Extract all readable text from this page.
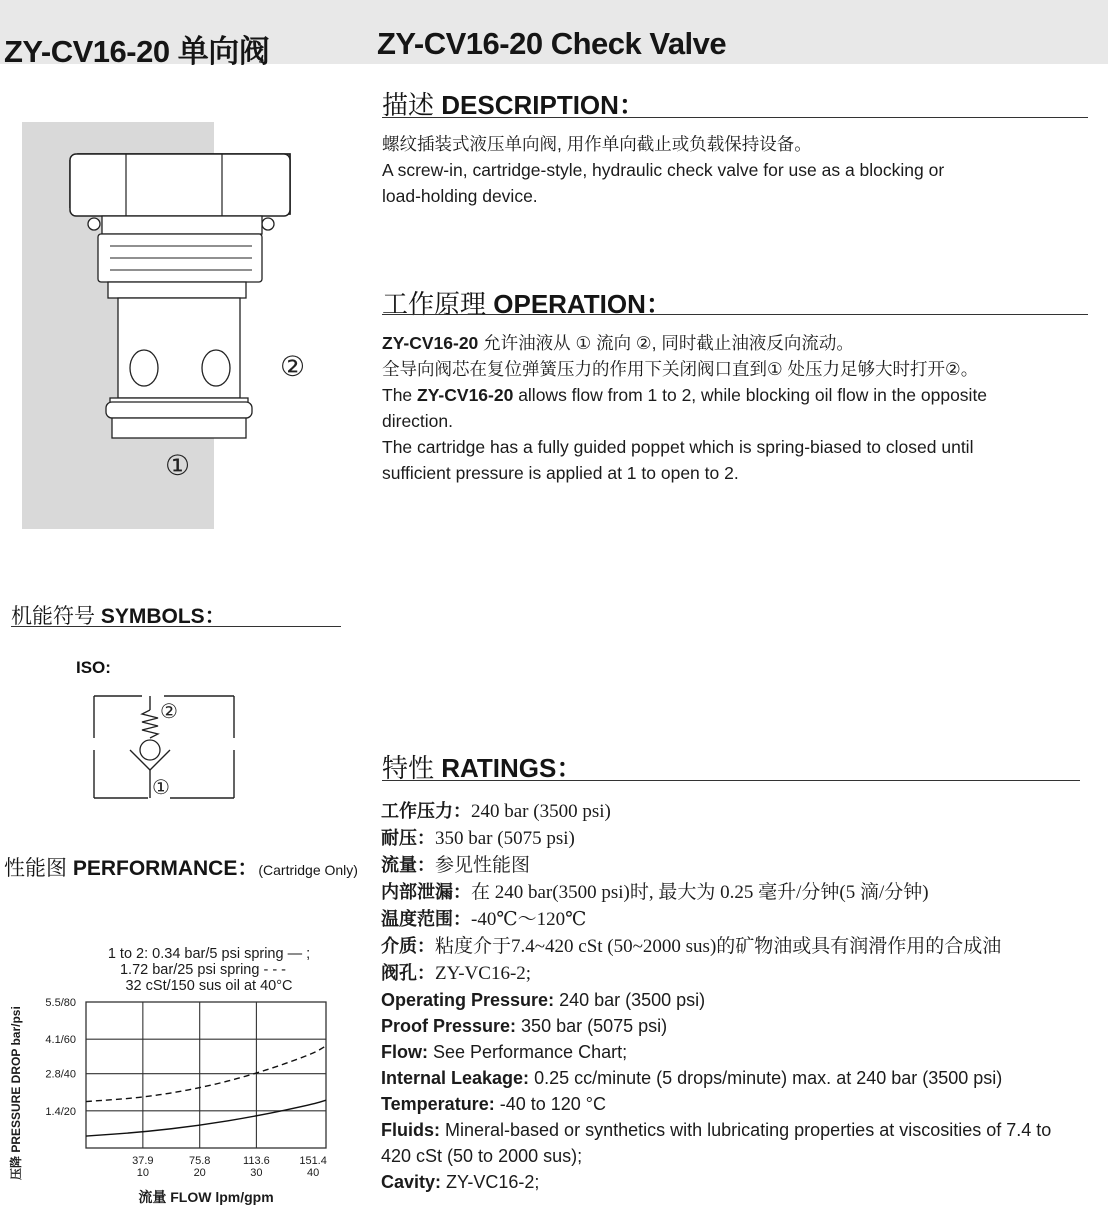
ZY-CV16-20 单向阀	ZY-CV16-20 Check Valve
描述 DESCRIPTION：
螺纹插装式液压单向阀, 用作单向截止或负载保持设备。
A screw-in, cartridge-style, hydraulic check valve for use as a blocking or
load-holding device.
工作原理 OPERATION：
ZY-CV16-20 允许油液从 ① 流向 ②, 同时截止油液反向流动。
全导向阀芯在复位弹簧压力的作用下关闭阀口直到① 处压力足够大时打开②。
The ZY-CV16-20 allows flow from 1 to 2, while blocking oil flow in the opposite
direction.
The cartridge has a fully guided poppet which is spring-biased to closed until
sufficient pressure is applied at 1 to open to 2.
②
①
机能符号 SYMBOLS：
ISO:
②
①
性能图 PERFORMANCE：(Cartridge Only)
1 to 2: 0.34 bar/5 psi spring — ;
1.72 bar/25 psi spring - - -
32 cSt/150 sus oil at 40°C
5.5/80
4.1/60
2.8/40
1.4/20
37.9	75.8	113.6	151.4
10	20	30	40
压降 PRESSURE DROP bar/psi
流量 FLOW lpm/gpm
特性 RATINGS：
工作压力：240 bar (3500 psi)
耐压：350 bar (5075 psi)
流量：参见性能图
内部泄漏：在 240 bar(3500 psi)时, 最大为 0.25 毫升/分钟(5 滴/分钟)
温度范围：-40℃～120℃
介质：粘度介于7.4~420 cSt (50~2000 sus)的矿物油或具有润滑作用的合成油
阀孔：ZY-VC16-2;
Operating Pressure: 240 bar (3500 psi)
Proof Pressure: 350 bar (5075 psi)
Flow: See Performance Chart;
Internal Leakage: 0.25 cc/minute (5 drops/minute) max. at 240 bar (3500 psi)
Temperature: -40 to 120 °C
Fluids: Mineral-based or synthetics with lubricating properties at viscosities of 7.4 to
420 cSt (50 to 2000 sus);
Cavity: ZY-VC16-2;
